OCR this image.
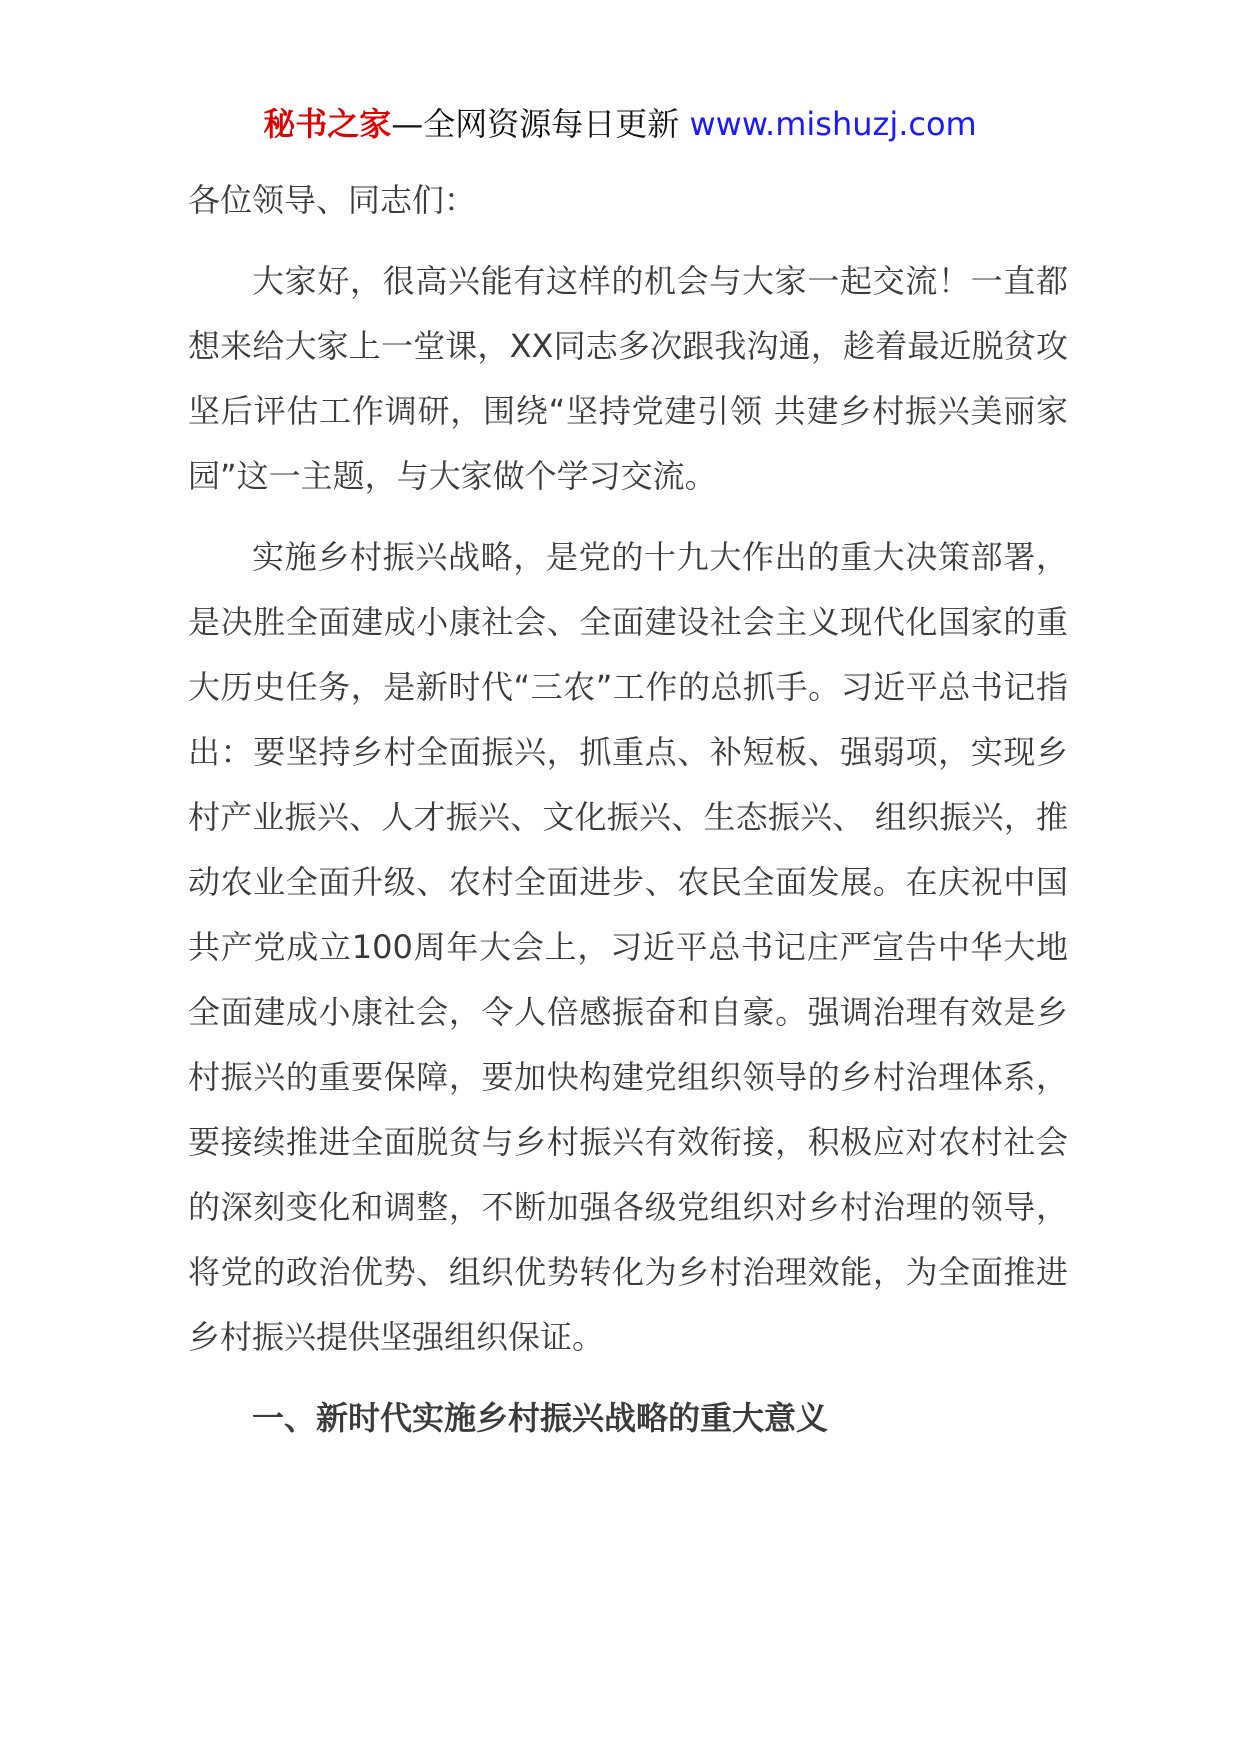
秘书之家—全网资源每日更新 www.mishuzj.com
各位领导、同志们：

大家好，很高兴能有这样的机会与大家一起交流！一直都想来给大家上一堂课，XX同志多次跟我沟通，趁着最近脱贫攻坚后评估工作调研，围绕“坚持党建引领 共建乡村振兴美丽家园”这一主题，与大家做个学习交流。

实施乡村振兴战略，是党的十九大作出的重大决策部署，是决胜全面建成小康社会、全面建设社会主义现代化国家的重大历史任务，是新时代“三农”工作的总抓手。习近平总书记指出：要坚持乡村全面振兴，抓重点、补短板、强弱项，实现乡村产业振兴、人才振兴、文化振兴、生态振兴、 组织振兴，推动农业全面升级、农村全面进步、农民全面发展。在庆祝中国共产党成立100周年大会上，习近平总书记庄严宣告中华大地全面建成小康社会，令人倍感振奋和自豪。强调治理有效是乡村振兴的重要保障，要加快构建党组织领导的乡村治理体系，要接续推进全面脱贫与乡村振兴有效衔接，积极应对农村社会的深刻变化和调整，不断加强各级党组织对乡村治理的领导，将党的政治优势、组织优势转化为乡村治理效能，为全面推进乡村振兴提供坚强组织保证。

一、新时代实施乡村振兴战略的重大意义
